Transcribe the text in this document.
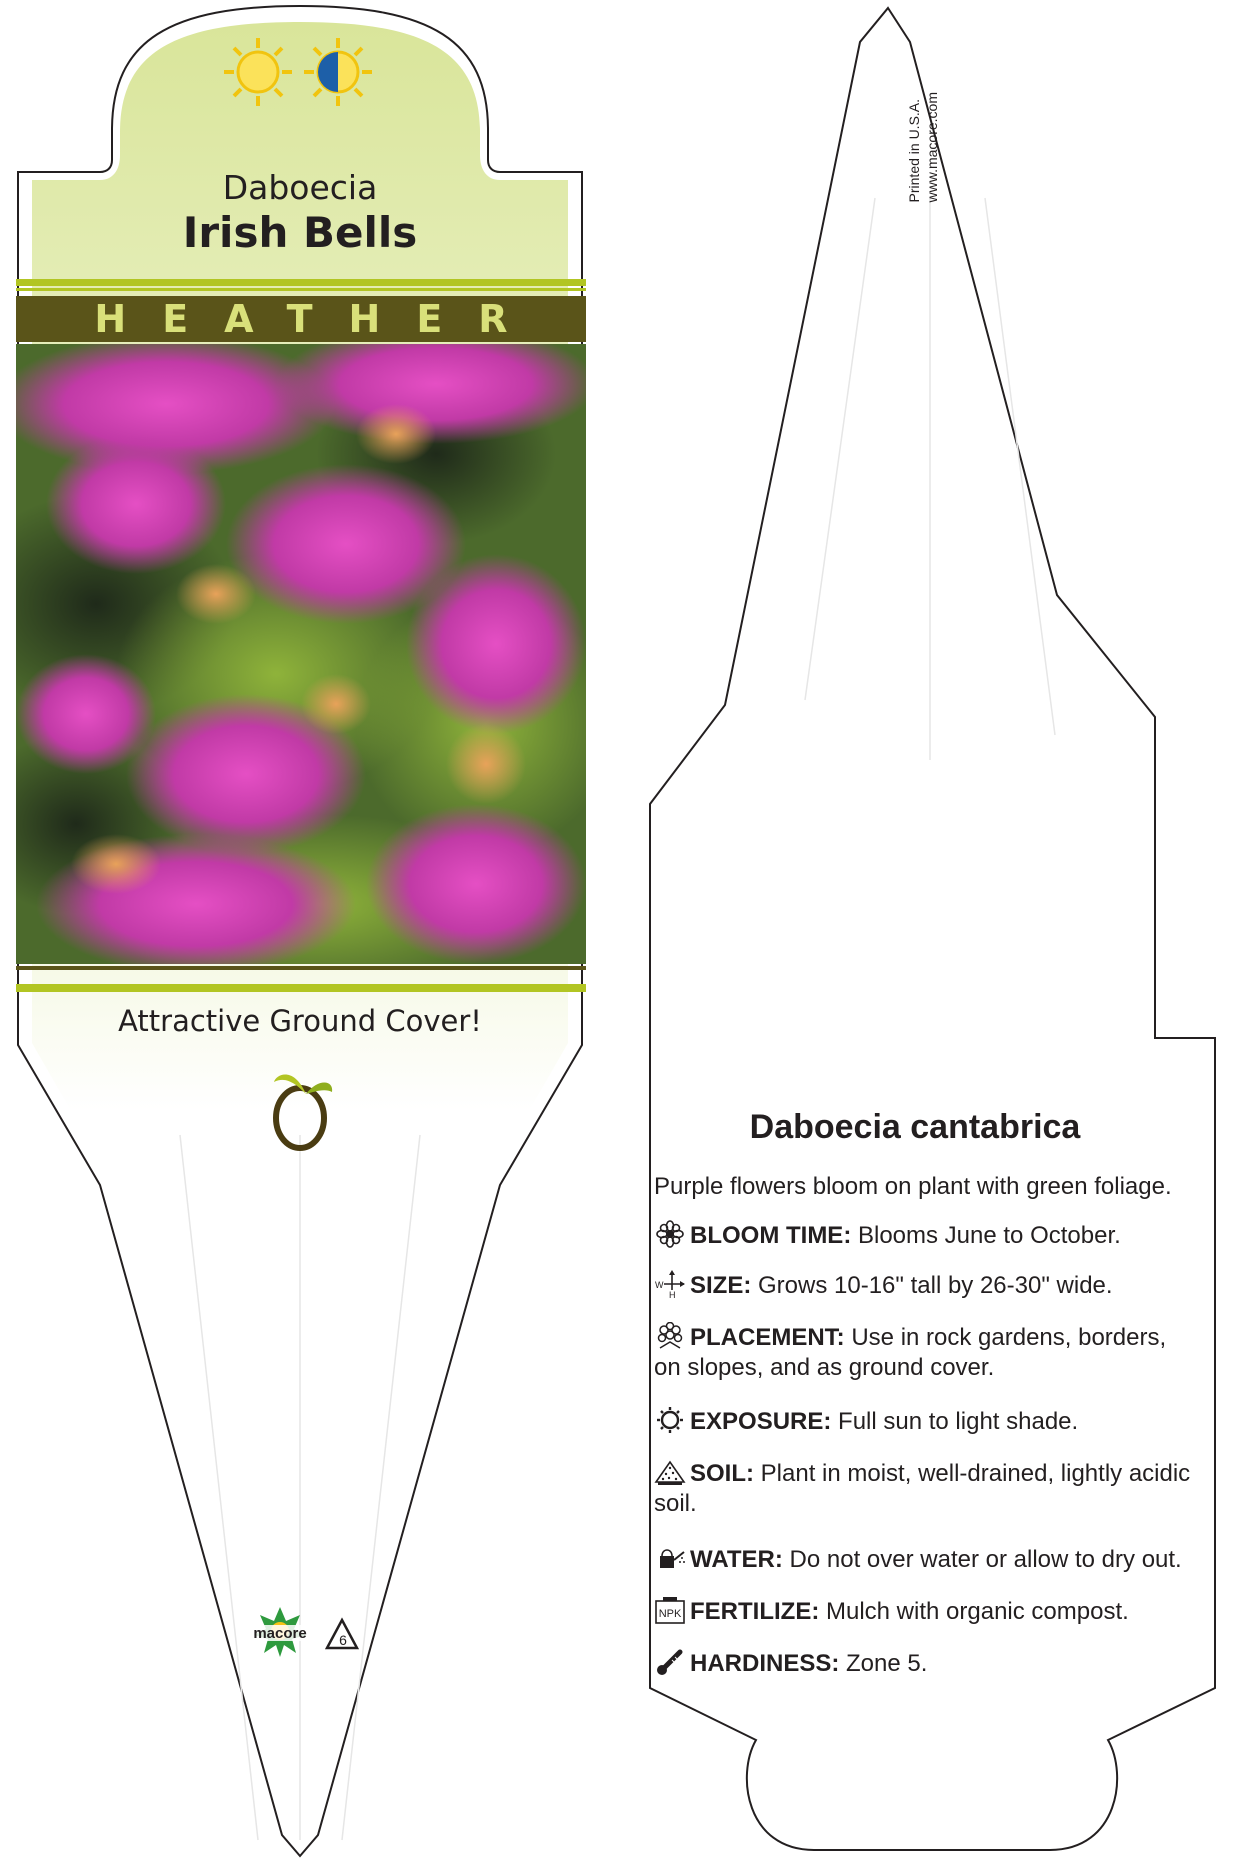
Daboecia
Irish Bells
HEATHER
Attractive Ground Cover!
macore 6
Printed in U.S.A. www.macore.com
Daboecia cantabrica
Purple flowers bloom on plant with green foliage.
BLOOM TIME: Blooms June to October.
W
H SIZE: Grows 10-16" tall by 26-30" wide.
PLACEMENT: Use in rock gardens, borders, on slopes, and as ground cover.
EXPOSURE: Full sun to light shade.
SOIL: Plant in moist, well-drained, lightly acidic soil.
WATER: Do not over water or allow to dry out.
NPK FERTILIZE: Mulch with organic compost.
HARDINESS: Zone 5.
